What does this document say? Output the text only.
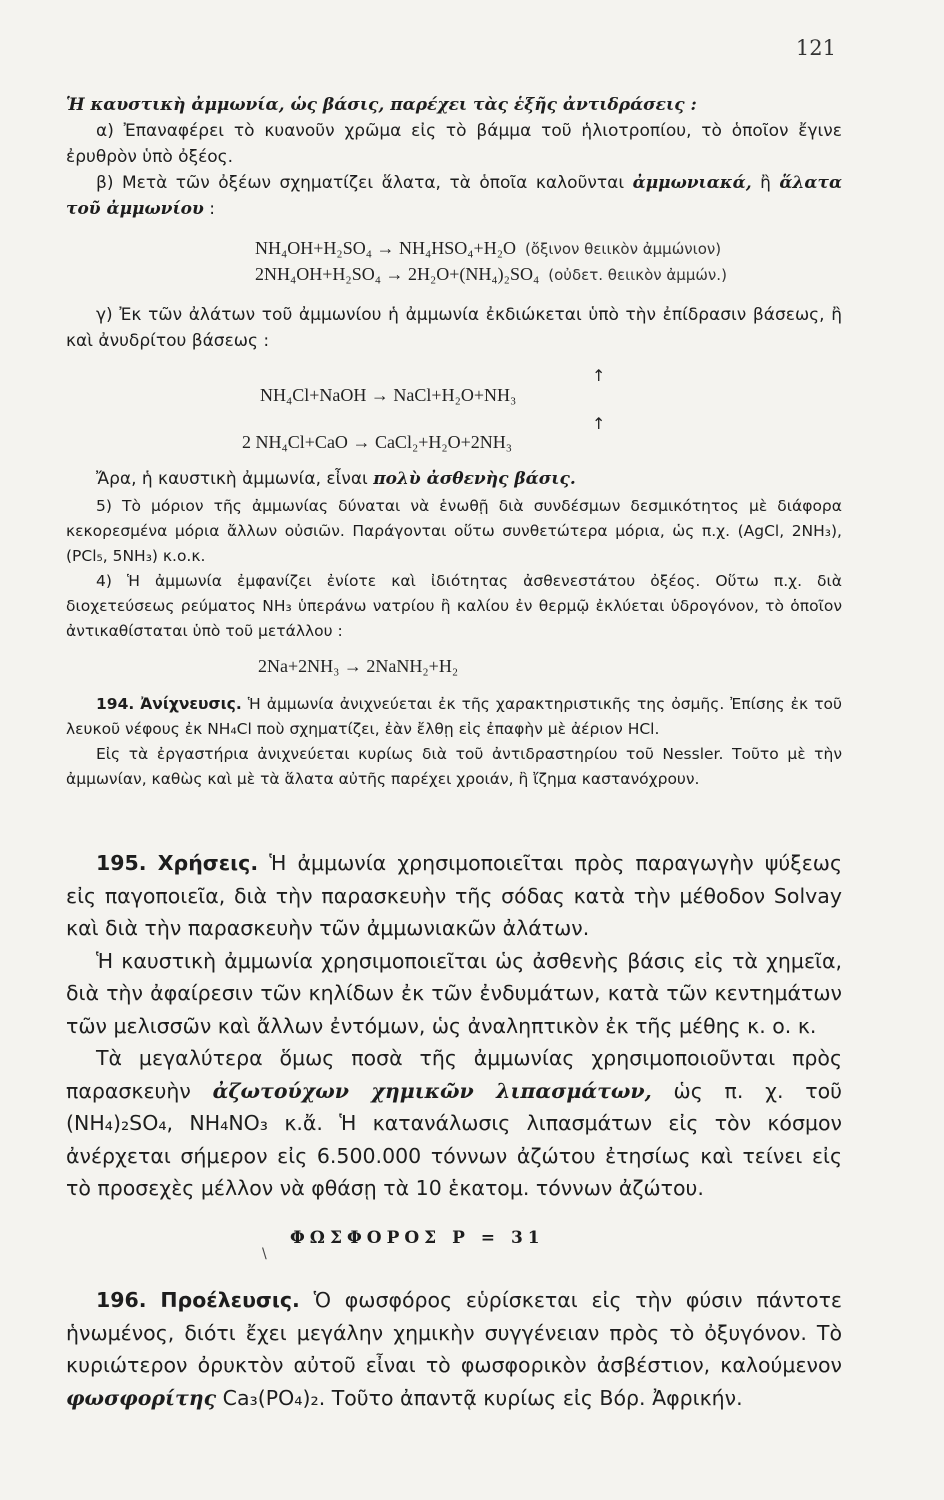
121

Ἡ καυστικὴ ἀμμωνία, ὡς βάσις, παρέχει τὰς ἑξῆς ἀντιδράσεις :

α) Ἐπαναφέρει τὸ κυανοῦν χρῶμα εἰς τὸ βάμμα τοῦ ἡλιοτροπίου, τὸ ὁποῖον ἔγινε ἐρυθρὸν ὑπὸ ὀξέος.

β) Μετὰ τῶν ὀξέων σχηματίζει ἅλατα, τὰ ὁποῖα καλοῦνται ἀμμωνιακά, ἢ ἅλατα τοῦ ἀμμωνίου :

NH₄OH+H₂SO₄ → NH₄HSO₄+H₂O (ὄξινον θειικὸν ἀμμώνιον)
2NH₄OH+H₂SO₄ → 2H₂O+(NH₄)₂SO₄ (οὐδετ. θειικὸν ἀμμών.)

γ) Ἐκ τῶν ἀλάτων τοῦ ἀμμωνίου ἡ ἀμμωνία ἐκδιώκεται ὑπὸ τὴν ἐπίδρασιν βάσεως, ἢ καὶ ἀνυδρίτου βάσεως :

↑
NH₄Cl+NaOH → NaCl+H₂O+NH₃
↑
2 NH₄Cl+CaO → CaCl₂+H₂O+2NH₃

Ἄρα, ἡ καυστικὴ ἀμμωνία, εἶναι πολὺ ἀσθενὴς βάσις.

5) Τὸ μόριον τῆς ἀμμωνίας δύναται νὰ ἑνωθῇ διὰ συνδέσμων δεσμικότητος μὲ διάφορα κεκορεσμένα μόρια ἄλλων οὐσιῶν. Παράγονται οὕτω συνθετώτερα μόρια, ὡς π.χ. (AgCl, 2NH₃), (PCl₅, 5NH₃) κ.ο.κ.

4) Ἡ ἀμμωνία ἐμφανίζει ἐνίοτε καὶ ἰδιότητας ἀσθενεστάτου ὀξέος. Οὕτω π.χ. διὰ διοχετεύσεως ρεύματος NH₃ ὑπεράνω νατρίου ἢ καλίου ἐν θερμῷ ἐκλύεται ὑδρογόνον, τὸ ὁποῖον ἀντικαθίσταται ὑπὸ τοῦ μετάλλου :

2Na+2NH₃ → 2NaNH₂+H₂

194. Ἀνίχνευσις. Ἡ ἀμμωνία ἀνιχνεύεται ἐκ τῆς χαρακτηριστικῆς της ὀσμῆς. Ἐπίσης ἐκ τοῦ λευκοῦ νέφους ἐκ NH₄Cl ποὺ σχηματίζει, ἐὰν ἔλθῃ εἰς ἐπαφὴν μὲ ἀέριον HCl.

Εἰς τὰ ἐργαστήρια ἀνιχνεύεται κυρίως διὰ τοῦ ἀντιδραστηρίου τοῦ Nessler. Τοῦτο μὲ τὴν ἀμμωνίαν, καθὼς καὶ μὲ τὰ ἅλατα αὐτῆς παρέχει χροιάν, ἢ ἴζημα καστανόχρουν.

195. Χρήσεις. Ἡ ἀμμωνία χρησιμοποιεῖται πρὸς παραγωγὴν ψύξεως εἰς παγοποιεῖα, διὰ τὴν παρασκευὴν τῆς σόδας κατὰ τὴν μέθοδον Solvay καὶ διὰ τὴν παρασκευὴν τῶν ἀμμωνιακῶν ἀλάτων.

Ἡ καυστικὴ ἀμμωνία χρησιμοποιεῖται ὡς ἀσθενὴς βάσις εἰς τὰ χημεῖα, διὰ τὴν ἀφαίρεσιν τῶν κηλίδων ἐκ τῶν ἐνδυμάτων, κατὰ τῶν κεντημάτων τῶν μελισσῶν καὶ ἄλλων ἐντόμων, ὡς ἀναληπτικὸν ἐκ τῆς μέθης κ. ο. κ.

Τὰ μεγαλύτερα ὅμως ποσὰ τῆς ἀμμωνίας χρησιμοποιοῦνται πρὸς παρασκευὴν ἀζωτούχων χημικῶν λιπασμάτων, ὡς π. χ. τοῦ (NH₄)₂SO₄, NH₄NO₃ κ.ἄ. Ἡ κατανάλωσις λιπασμάτων εἰς τὸν κόσμον ἀνέρχεται σήμερον εἰς 6.500.000 τόννων ἀζώτου ἐτησίως καὶ τείνει εἰς τὸ προσεχὲς μέλλον νὰ φθάσῃ τὰ 10 ἑκατομ. τόννων ἀζώτου.

ΦΩΣΦΟΡΟΣ Ρ = 31
\

196. Προέλευσις. Ὁ φωσφόρος εὑρίσκεται εἰς τὴν φύσιν πάντοτε ἡνωμένος, διότι ἔχει μεγάλην χημικὴν συγγένειαν πρὸς τὸ ὀξυγόνον. Τὸ κυριώτερον ὀρυκτὸν αὐτοῦ εἶναι τὸ φωσφορικὸν ἀσβέστιον, καλούμενον φωσφορίτης Ca₃(PO₄)₂. Τοῦτο ἀπαντᾷ κυρίως εἰς Βόρ. Ἀφρικήν.
